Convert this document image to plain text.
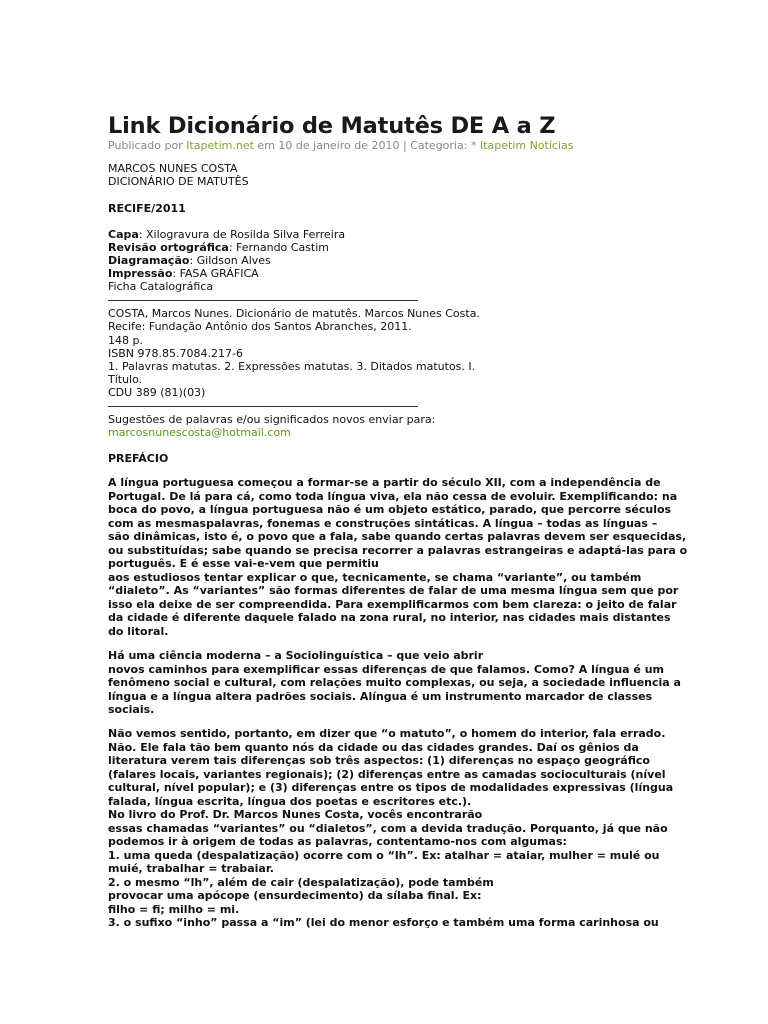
Link Dicionário de Matutês DE A a Z
Publicado por Itapetim.net em 10 de janeiro de 2010 | Categoria: * Itapetim Notícias
MARCOS NUNES COSTA
DICIONÁRIO DE MATUTÊS
RECIFE/2011
Capa: Xilogravura de Rosilda Silva Ferreira
Revisão ortográfica: Fernando Castim
Diagramação: Gildson Alves
Impressão: FASA GRÁFICA
Ficha Catalográfica
COSTA, Marcos Nunes. Dicionário de matutês. Marcos Nunes Costa.
Recife: Fundação Antônio dos Santos Abranches, 2011.
148 p.
ISBN 978.85.7084.217-6
1. Palavras matutas. 2. Expressões matutas. 3. Ditados matutos. I.
Título.
CDU 389 (81)(03)
Sugestões de palavras e/ou significados novos enviar para:
marcosnunescosta@hotmail.com
PREFÁCIO
A língua portuguesa começou a formar-se a partir do século XII, com a independência de
Portugal. De lá para cá, como toda língua viva, ela não cessa de evoluir. Exemplificando: na
boca do povo, a língua portuguesa não é um objeto estático, parado, que percorre séculos
com as mesmaspalavras, fonemas e construções sintáticas. A língua – todas as línguas –
são dinâmicas, isto é, o povo que a fala, sabe quando certas palavras devem ser esquecidas,
ou substituídas; sabe quando se precisa recorrer a palavras estrangeiras e adaptá-las para o
português. E é esse vai-e-vem que permitiu
aos estudiosos tentar explicar o que, tecnicamente, se chama “variante”, ou também
“dialeto”. As “variantes” são formas diferentes de falar de uma mesma língua sem que por
isso ela deixe de ser compreendida. Para exemplificarmos com bem clareza: o jeito de falar
da cidade é diferente daquele falado na zona rural, no interior, nas cidades mais distantes
do litoral.
Há uma ciência moderna – a Sociolinguística – que veio abrir
novos caminhos para exemplificar essas diferenças de que falamos. Como? A língua é um
fenômeno social e cultural, com relações muito complexas, ou seja, a sociedade influencia a
língua e a língua altera padrões sociais. Alíngua é um instrumento marcador de classes
sociais.
Não vemos sentido, portanto, em dizer que “o matuto”, o homem do interior, fala errado.
Não. Ele fala tão bem quanto nós da cidade ou das cidades grandes. Daí os gênios da
literatura verem tais diferenças sob três aspectos: (1) diferenças no espaço geográfico
(falares locais, variantes regionais); (2) diferenças entre as camadas socioculturais (nível
cultural, nível popular); e (3) diferenças entre os tipos de modalidades expressivas (língua
falada, língua escrita, língua dos poetas e escritores etc.).
No livro do Prof. Dr. Marcos Nunes Costa, vocês encontrarão
essas chamadas “variantes” ou “dialetos”, com a devida tradução. Porquanto, já que não
podemos ir à origem de todas as palavras, contentamo-nos com algumas:
1. uma queda (despalatização) ocorre com o “lh”. Ex: atalhar = ataiar, mulher = mulé ou
muié, trabalhar = trabaiar.
2. o mesmo “lh”, além de cair (despalatização), pode também
provocar uma apócope (ensurdecimento) da sílaba final. Ex:
filho = fi; milho = mi.
3. o sufixo “inho” passa a “im” (lei do menor esforço e também uma forma carinhosa ou
